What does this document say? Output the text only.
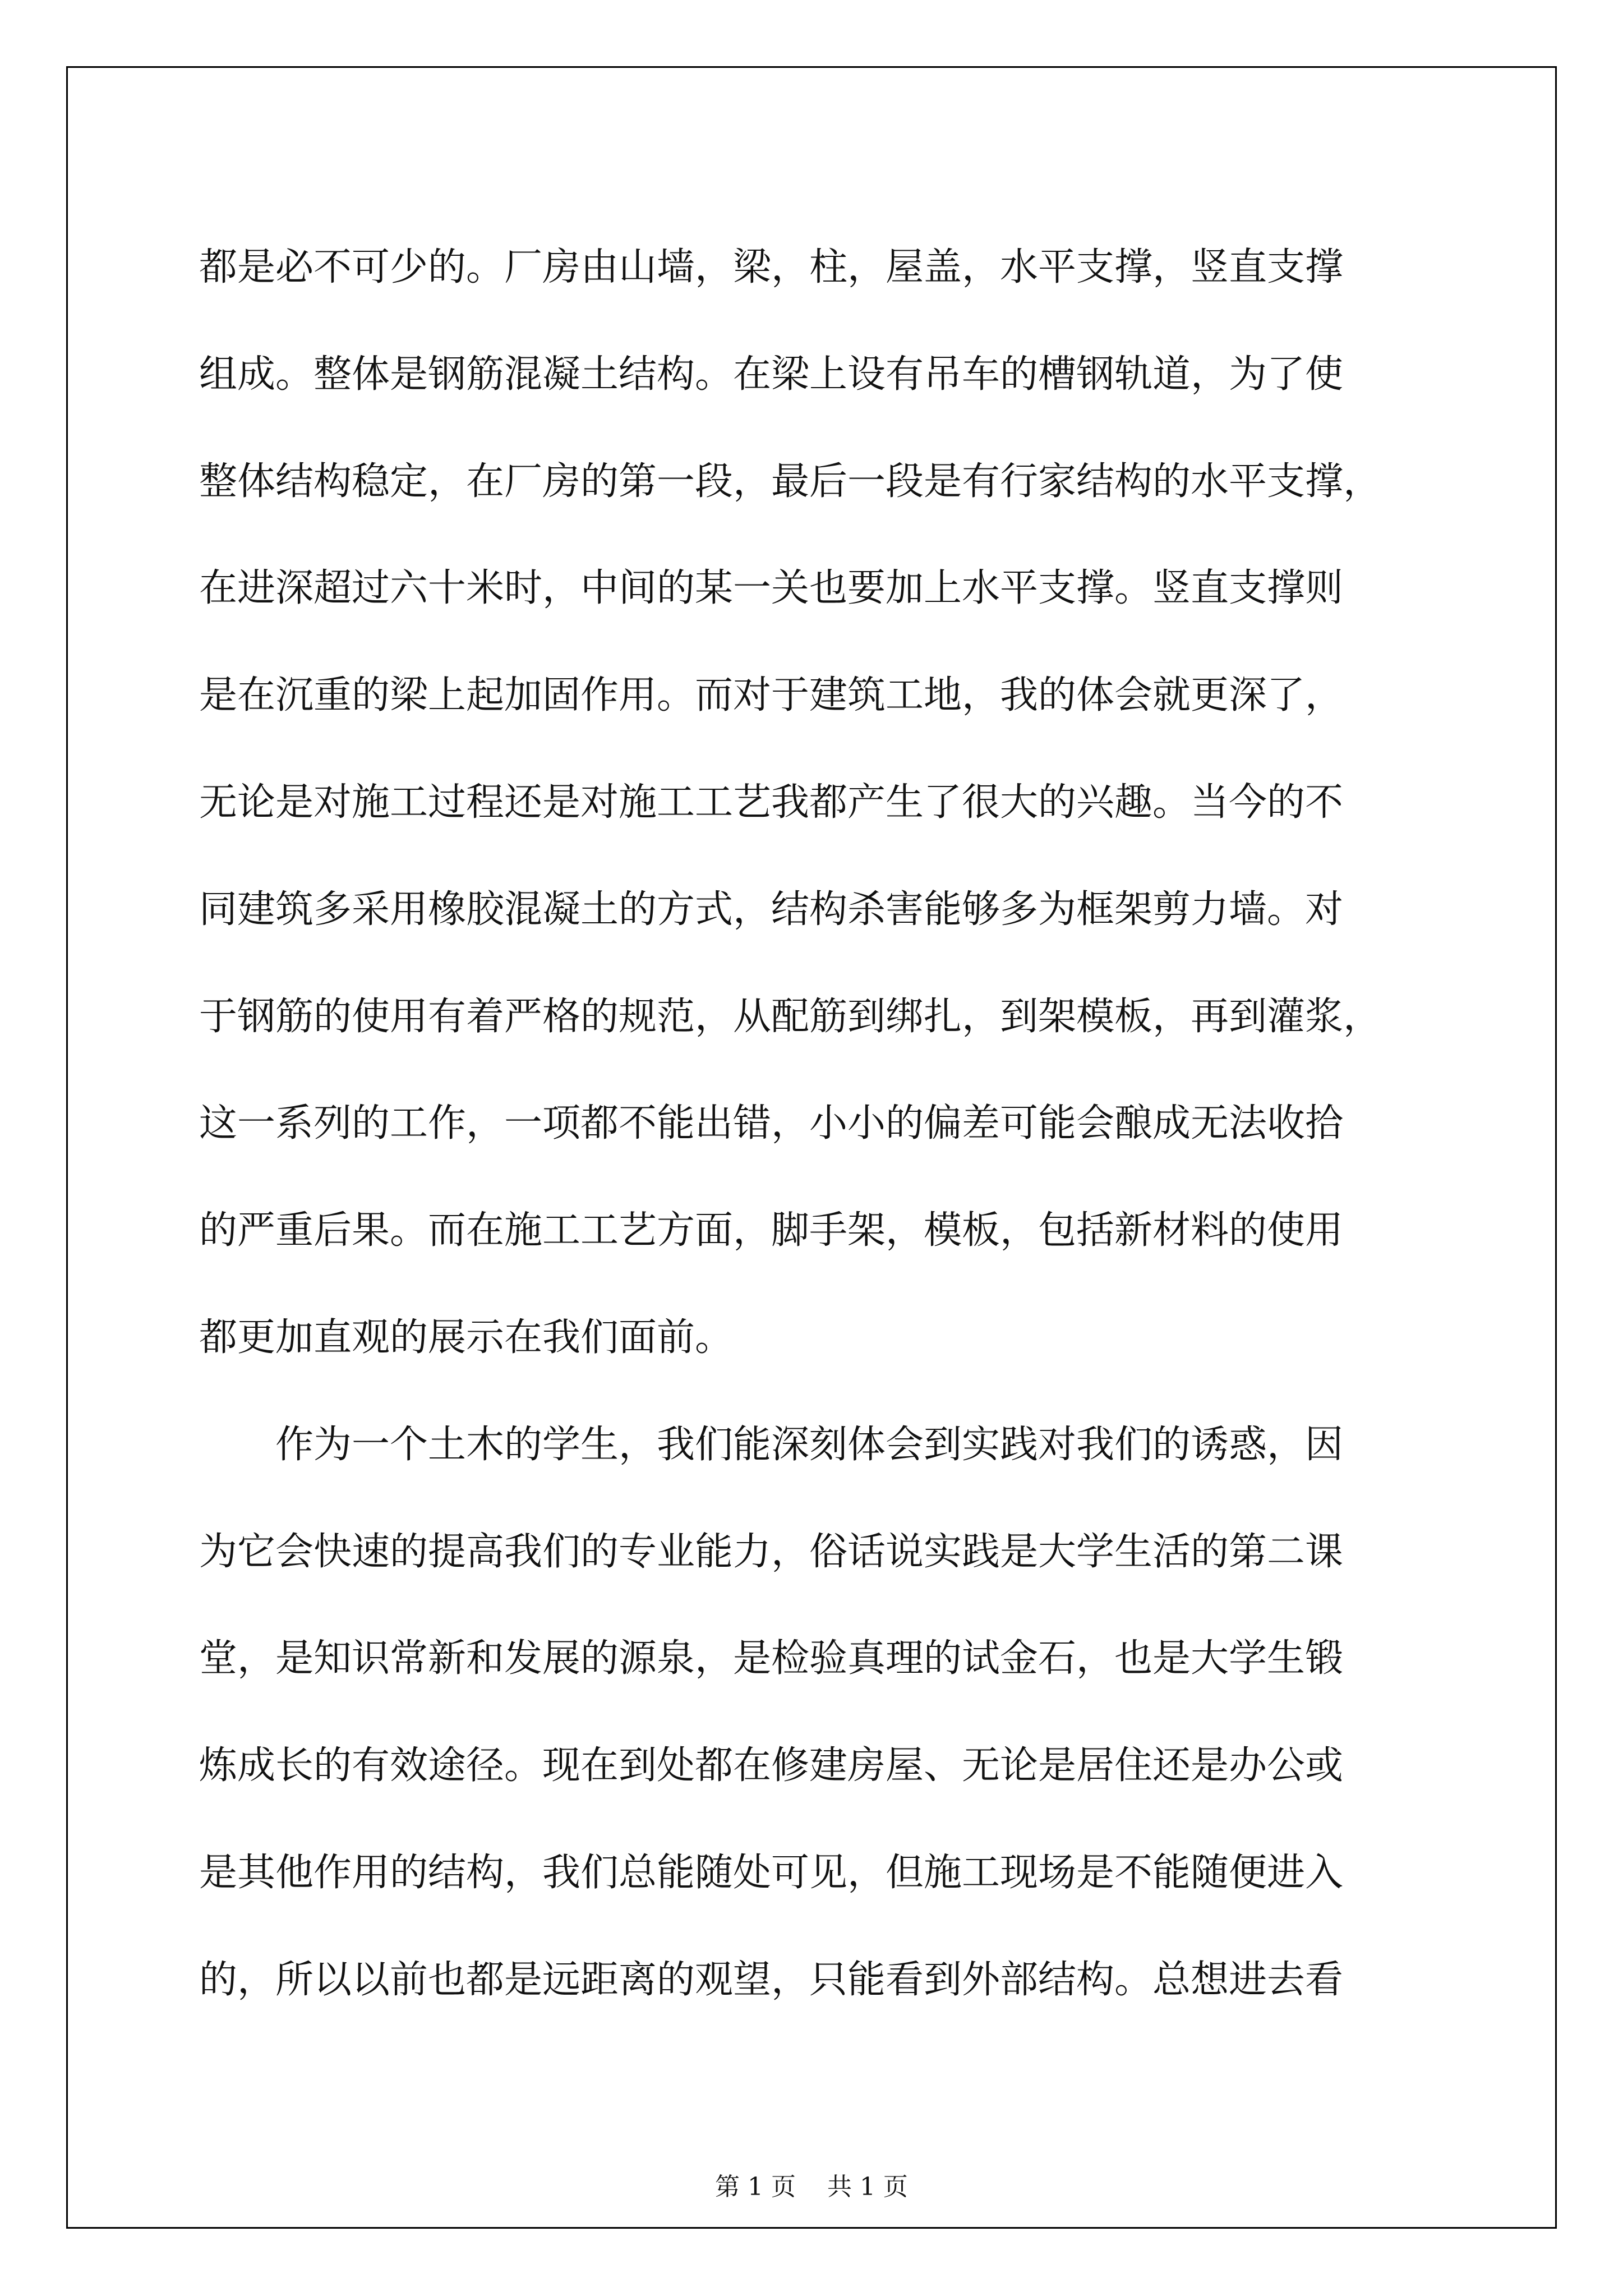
都是必不可少的。厂房由山墙，梁，柱，屋盖，水平支撑，竖直支撑
组成。整体是钢筋混凝土结构。在梁上设有吊车的槽钢轨道，为了使
整体结构稳定，在厂房的第一段，最后一段是有行家结构的水平支撑，
在进深超过六十米时，中间的某一关也要加上水平支撑。竖直支撑则
是在沉重的梁上起加固作用。而对于建筑工地，我的体会就更深了，
无论是对施工过程还是对施工工艺我都产生了很大的兴趣。当今的不
同建筑多采用橡胶混凝土的方式，结构杀害能够多为框架剪力墙。对
于钢筋的使用有着严格的规范，从配筋到绑扎，到架模板，再到灌浆，
这一系列的工作，一项都不能出错，小小的偏差可能会酿成无法收拾
的严重后果。而在施工工艺方面，脚手架，模板，包括新材料的使用
都更加直观的展示在我们面前。
作为一个土木的学生，我们能深刻体会到实践对我们的诱惑，因
为它会快速的提高我们的专业能力，俗话说实践是大学生活的第二课
堂，是知识常新和发展的源泉，是检验真理的试金石，也是大学生锻
炼成长的有效途径。现在到处都在修建房屋、无论是居住还是办公或
是其他作用的结构，我们总能随处可见，但施工现场是不能随便进入
的，所以以前也都是远距离的观望，只能看到外部结构。总想进去看
第 1 页    共 1 页
